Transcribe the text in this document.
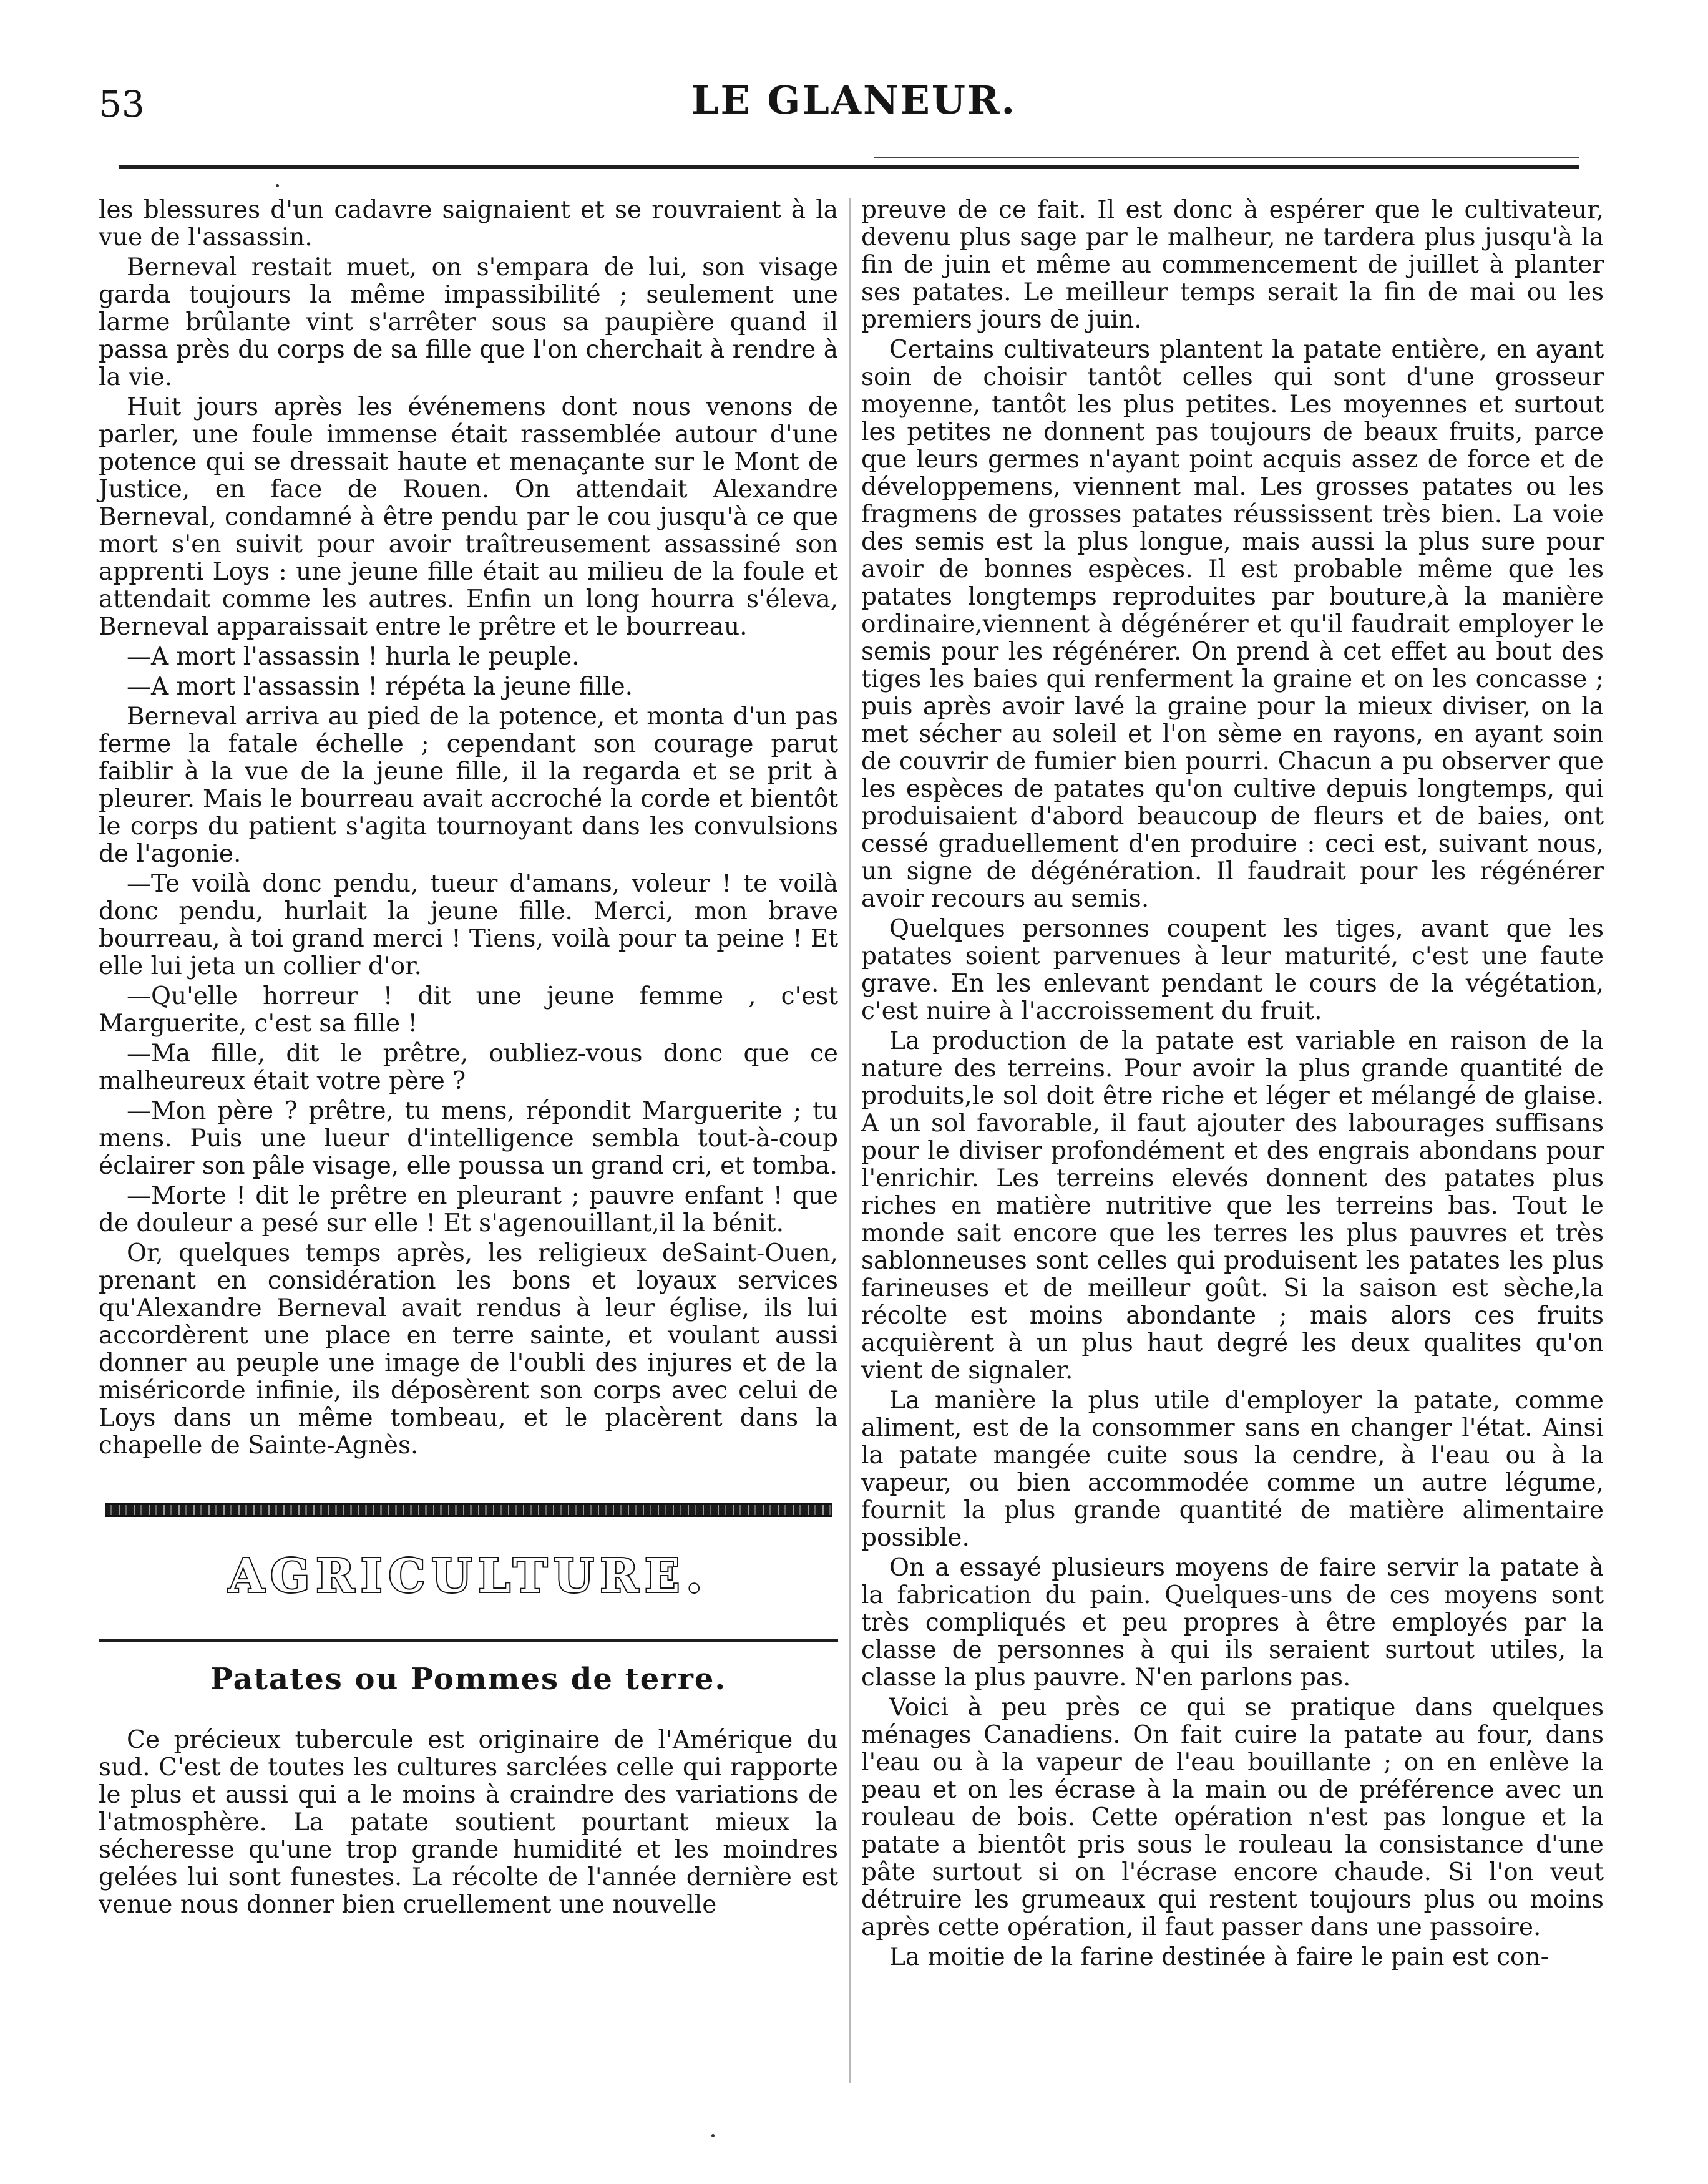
53	LE GLANEUR.

les blessures d'un cadavre saignaient et se rouvraient à la vue de l'assassin.

Berneval restait muet, on s'empara de lui, son visage garda toujours la même impassibilité ; seulement une larme brûlante vint s'arrêter sous sa paupière quand il passa près du corps de sa fille que l'on cherchait à rendre à la vie.

Huit jours après les événemens dont nous venons de parler, une foule immense était rassemblée autour d'une potence qui se dressait haute et menaçante sur le Mont de Justice, en face de Rouen. On attendait Alexandre Berneval, condamné à être pendu par le cou jusqu'à ce que mort s'en suivit pour avoir traîtreusement assassiné son apprenti Loys : une jeune fille était au milieu de la foule et attendait comme les autres. Enfin un long hourra s'éleva, Berneval apparaissait entre le prêtre et le bourreau.

—A mort l'assassin ! hurla le peuple.

—A mort l'assassin ! répéta la jeune fille.

Berneval arriva au pied de la potence, et monta d'un pas ferme la fatale échelle ; cependant son courage parut faiblir à la vue de la jeune fille, il la regarda et se prit à pleurer. Mais le bourreau avait accroché la corde et bientôt le corps du patient s'agita tournoyant dans les convulsions de l'agonie.

—Te voilà donc pendu, tueur d'amans, voleur ! te voilà donc pendu, hurlait la jeune fille. Merci, mon brave bourreau, à toi grand merci ! Tiens, voilà pour ta peine ! Et elle lui jeta un collier d'or.

—Qu'elle horreur ! dit une jeune femme , c'est Marguerite, c'est sa fille !

—Ma fille, dit le prêtre, oubliez-vous donc que ce malheureux était votre père ?

—Mon père ? prêtre, tu mens, répondit Marguerite ; tu mens. Puis une lueur d'intelligence sembla tout-à-coup éclairer son pâle visage, elle poussa un grand cri, et tomba.

—Morte ! dit le prêtre en pleurant ; pauvre enfant ! que de douleur a pesé sur elle ! Et s'agenouillant,il la bénit.

Or, quelques temps après, les religieux deSaint-Ouen, prenant en considération les bons et loyaux services qu'Alexandre Berneval avait rendus à leur église, ils lui accordèrent une place en terre sainte, et voulant aussi donner au peuple une image de l'oubli des injures et de la miséricorde infinie, ils déposèrent son corps avec celui de Loys dans un même tombeau, et le placèrent dans la chapelle de Sainte-Agnès.

AGRICULTURE.
Patates ou Pommes de terre.

Ce précieux tubercule est originaire de l'Amérique du sud. C'est de toutes les cultures sarclées celle qui rapporte le plus et aussi qui a le moins à craindre des variations de l'atmosphère. La patate soutient pourtant mieux la sécheresse qu'une trop grande humidité et les moindres gelées lui sont funestes. La récolte de l'année dernière est venue nous donner bien cruellement une nouvelle

preuve de ce fait. Il est donc à espérer que le cultivateur, devenu plus sage par le malheur, ne tardera plus jusqu'à la fin de juin et même au commencement de juillet à planter ses patates. Le meilleur temps serait la fin de mai ou les premiers jours de juin.

Certains cultivateurs plantent la patate entière, en ayant soin de choisir tantôt celles qui sont d'une grosseur moyenne, tantôt les plus petites. Les moyennes et surtout les petites ne donnent pas toujours de beaux fruits, parce que leurs germes n'ayant point acquis assez de force et de développemens, viennent mal. Les grosses patates ou les fragmens de grosses patates réussissent très bien. La voie des semis est la plus longue, mais aussi la plus sure pour avoir de bonnes espèces. Il est probable même que les patates longtemps reproduites par bouture,à la manière ordinaire,viennent à dégénérer et qu'il faudrait employer le semis pour les régénérer. On prend à cet effet au bout des tiges les baies qui renferment la graine et on les concasse ; puis après avoir lavé la graine pour la mieux diviser, on la met sécher au soleil et l'on sème en rayons, en ayant soin de couvrir de fumier bien pourri. Chacun a pu observer que les espèces de patates qu'on cultive depuis longtemps, qui produisaient d'abord beaucoup de fleurs et de baies, ont cessé graduellement d'en produire : ceci est, suivant nous, un signe de dégénération. Il faudrait pour les régénérer avoir recours au semis.

Quelques personnes coupent les tiges, avant que les patates soient parvenues à leur maturité, c'est une faute grave. En les enlevant pendant le cours de la végétation, c'est nuire à l'accroissement du fruit.

La production de la patate est variable en raison de la nature des terreins. Pour avoir la plus grande quantité de produits,le sol doit être riche et léger et mélangé de glaise. A un sol favorable, il faut ajouter des labourages suffisans pour le diviser profondément et des engrais abondans pour l'enrichir. Les terreins elevés donnent des patates plus riches en matière nutritive que les terreins bas. Tout le monde sait encore que les terres les plus pauvres et très sablonneuses sont celles qui produisent les patates les plus farineuses et de meilleur goût. Si la saison est sèche,la récolte est moins abondante ; mais alors ces fruits acquièrent à un plus haut degré les deux qualites qu'on vient de signaler.

La manière la plus utile d'employer la patate, comme aliment, est de la consommer sans en changer l'état. Ainsi la patate mangée cuite sous la cendre, à l'eau ou à la vapeur, ou bien accommodée comme un autre légume, fournit la plus grande quantité de matière alimentaire possible.

On a essayé plusieurs moyens de faire servir la patate à la fabrication du pain. Quelques-uns de ces moyens sont très compliqués et peu propres à être employés par la classe de personnes à qui ils seraient surtout utiles, la classe la plus pauvre. N'en parlons pas.

Voici à peu près ce qui se pratique dans quelques ménages Canadiens. On fait cuire la patate au four, dans l'eau ou à la vapeur de l'eau bouillante ; on en enlève la peau et on les écrase à la main ou de préférence avec un rouleau de bois. Cette opération n'est pas longue et la patate a bientôt pris sous le rouleau la consistance d'une pâte surtout si on l'écrase encore chaude. Si l'on veut détruire les grumeaux qui restent toujours plus ou moins après cette opération, il faut passer dans une passoire.

La moitie de la farine destinée à faire le pain est con-
